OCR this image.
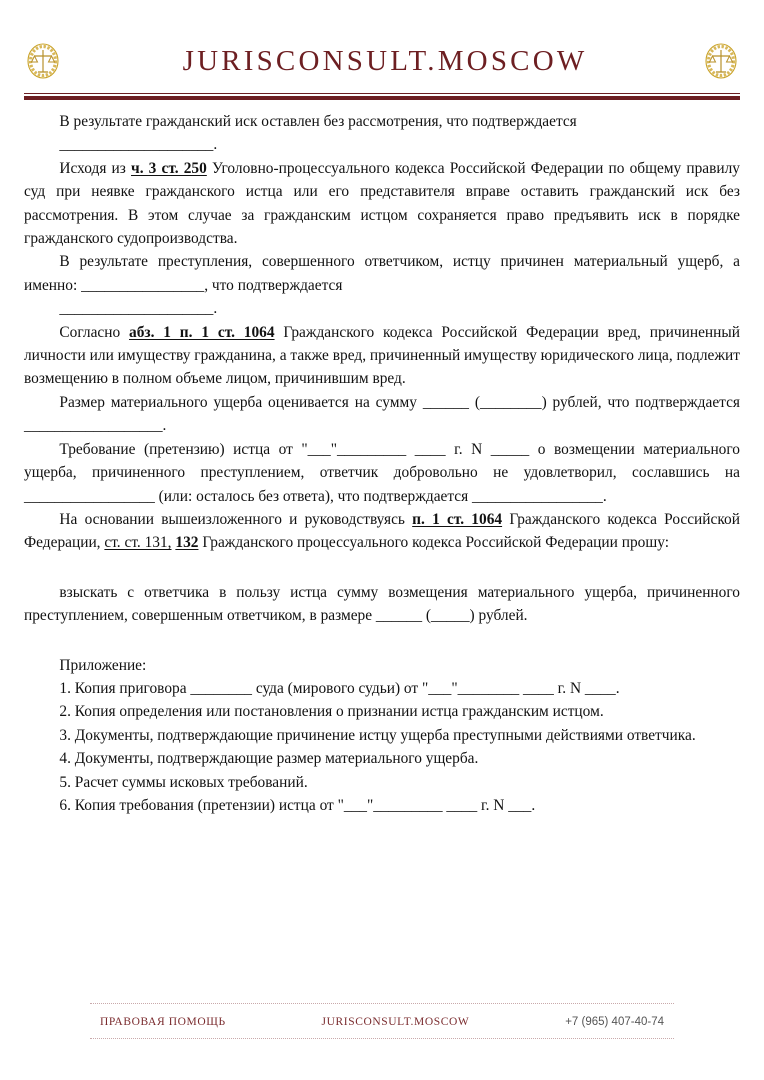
JURISCONSULT.MOSCOW

В результате гражданский иск оставлен без рассмотрения, что подтверждается

____________________.

Исходя из ч. 3 ст. 250 Уголовно-процессуального кодекса Российской Федерации по общему правилу суд при неявке гражданского истца или его представителя вправе оставить гражданский иск без рассмотрения. В этом случае за гражданским истцом сохраняется право предъявить иск в порядке гражданского судопроизводства.

В результате преступления, совершенного ответчиком, истцу причинен материальный ущерб, а именно: ________________, что подтверждается

____________________.

Согласно абз. 1 п. 1 ст. 1064 Гражданского кодекса Российской Федерации вред, причиненный личности или имуществу гражданина, а также вред, причиненный имуществу юридического лица, подлежит возмещению в полном объеме лицом, причинившим вред.

Размер материального ущерба оценивается на сумму ______ (________) рублей, что подтверждается __________________.

Требование (претензию) истца от "___"_________ ____ г. N _____ о возмещении материального ущерба, причиненного преступлением, ответчик добровольно не удовлетворил, сославшись на _________________ (или: осталось без ответа), что подтверждается _________________.

На основании вышеизложенного и руководствуясь п. 1 ст. 1064 Гражданского кодекса Российской Федерации, ст. ст. 131, 132 Гражданского процессуального кодекса Российской Федерации прошу:

взыскать с ответчика в пользу истца сумму возмещения материального ущерба, причиненного преступлением, совершенным ответчиком, в размере ______ (_____) рублей.

Приложение:

1. Копия приговора ________ суда (мирового судьи) от "___"________ ____ г. N ____.
2. Копия определения или постановления о признании истца гражданским истцом.
3. Документы, подтверждающие причинение истцу ущерба преступными действиями ответчика.
4. Документы, подтверждающие размер материального ущерба.
5. Расчет суммы исковых требований.
6. Копия требования (претензии) истца от "___"_________ ____ г. N ___.
ПРАВОВАЯ ПОМОЩЬ	JURISCONSULT.MOSCOW	+7 (965) 407-40-74
